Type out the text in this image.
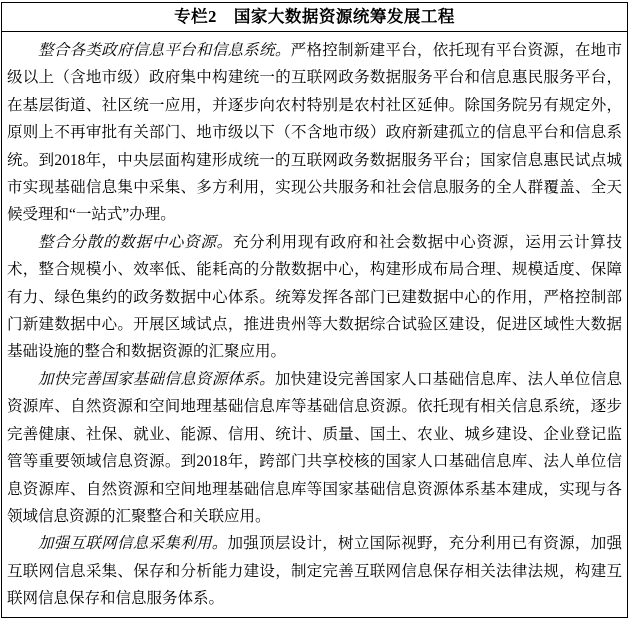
专栏2　国家大数据资源统筹发展工程

整合各类政府信息平台和信息系统。严格控制新建平台，依托现有平台资源，在地市级以上（含地市级）政府集中构建统一的互联网政务数据服务平台和信息惠民服务平台，在基层街道、社区统一应用，并逐步向农村特别是农村社区延伸。除国务院另有规定外，原则上不再审批有关部门、地市级以下（不含地市级）政府新建孤立的信息平台和信息系统。到2018年，中央层面构建形成统一的互联网政务数据服务平台；国家信息惠民试点城市实现基础信息集中采集、多方利用，实现公共服务和社会信息服务的全人群覆盖、全天候受理和“一站式”办理。

整合分散的数据中心资源。充分利用现有政府和社会数据中心资源，运用云计算技术，整合规模小、效率低、能耗高的分散数据中心，构建形成布局合理、规模适度、保障有力、绿色集约的政务数据中心体系。统筹发挥各部门已建数据中心的作用，严格控制部门新建数据中心。开展区域试点，推进贵州等大数据综合试验区建设，促进区域性大数据基础设施的整合和数据资源的汇聚应用。

加快完善国家基础信息资源体系。加快建设完善国家人口基础信息库、法人单位信息资源库、自然资源和空间地理基础信息库等基础信息资源。依托现有相关信息系统，逐步完善健康、社保、就业、能源、信用、统计、质量、国土、农业、城乡建设、企业登记监管等重要领域信息资源。到2018年，跨部门共享校核的国家人口基础信息库、法人单位信息资源库、自然资源和空间地理基础信息库等国家基础信息资源体系基本建成，实现与各领域信息资源的汇聚整合和关联应用。

加强互联网信息采集利用。加强顶层设计，树立国际视野，充分利用已有资源，加强互联网信息采集、保存和分析能力建设，制定完善互联网信息保存相关法律法规，构建互联网信息保存和信息服务体系。
